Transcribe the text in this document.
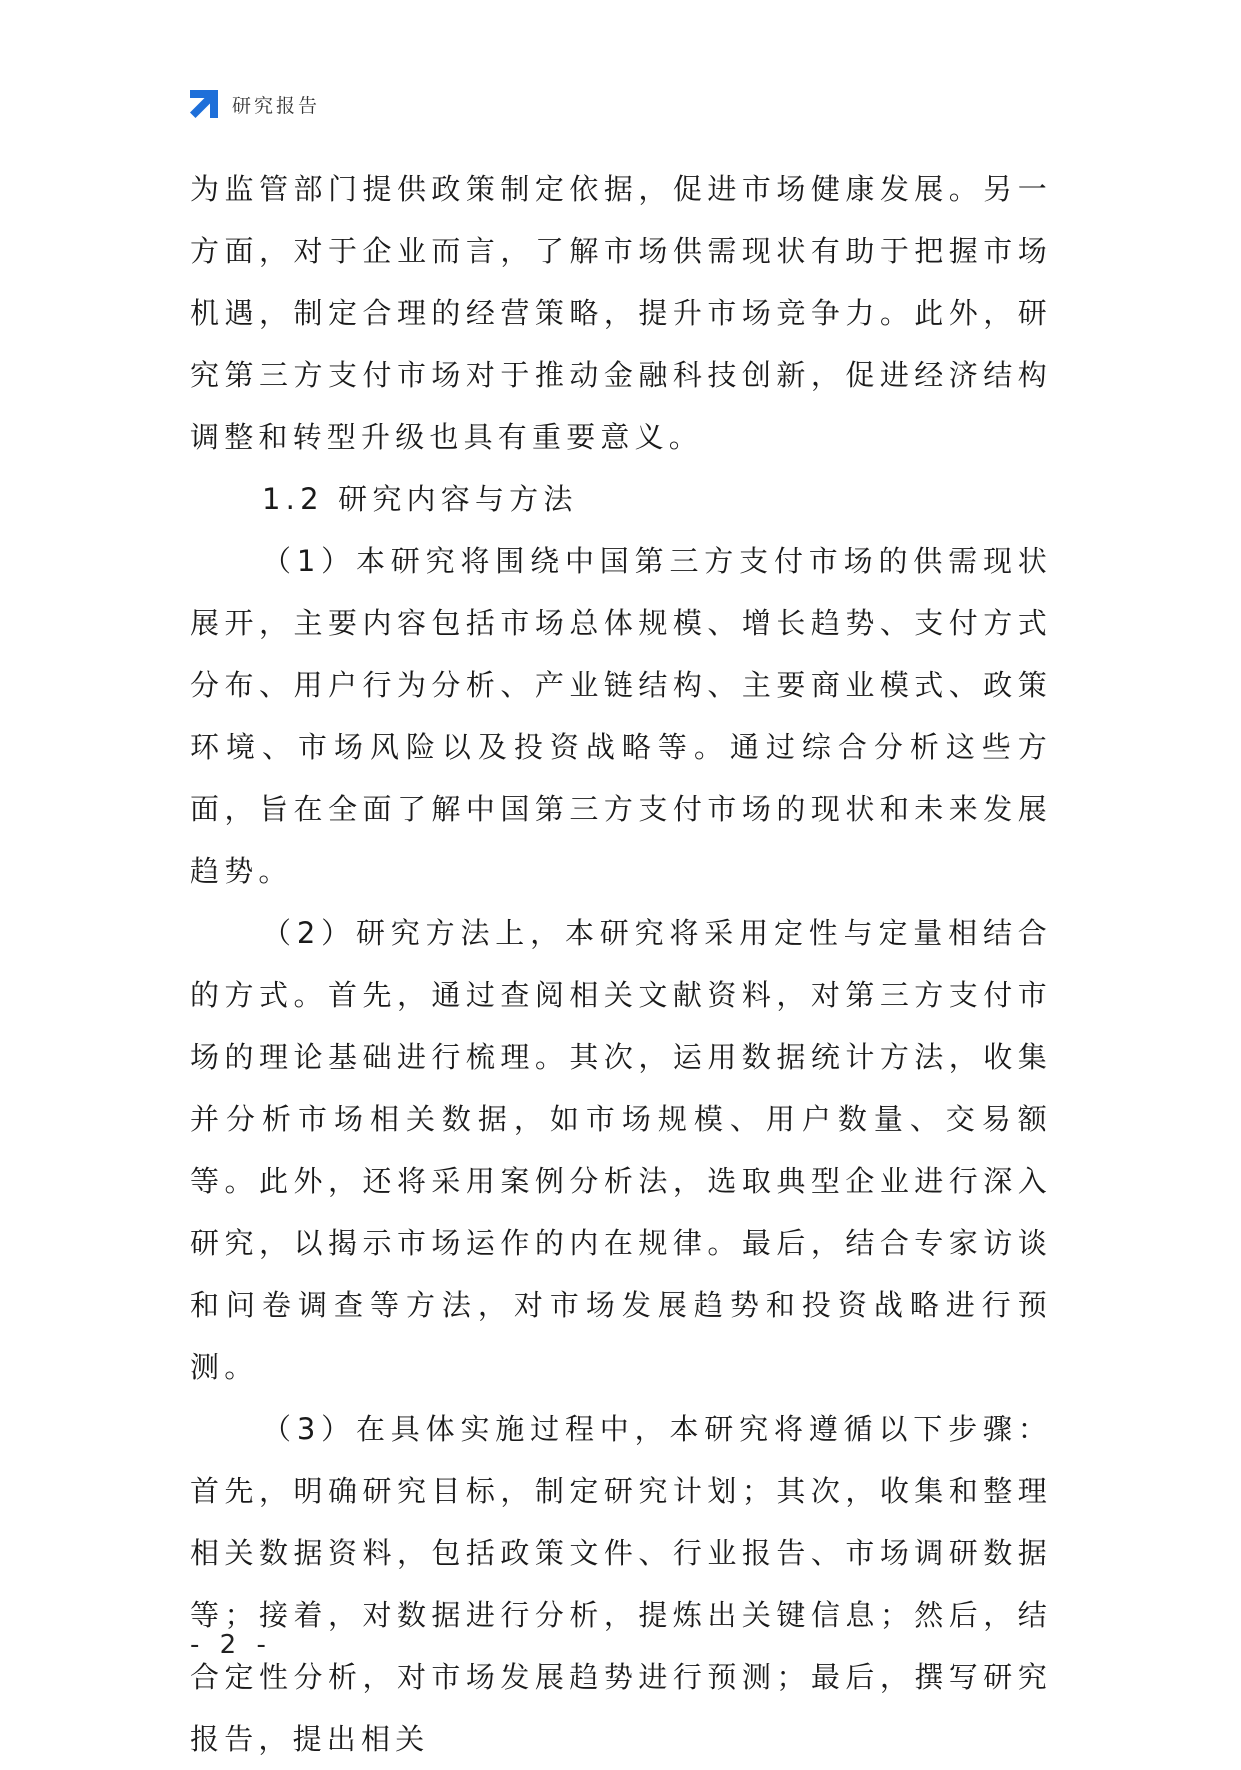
研究报告

为监管部门提供政策制定依据，促进市场健康发展。另一方面，对于企业而言，了解市场供需现状有助于把握市场机遇，制定合理的经营策略，提升市场竞争力。此外，研究第三方支付市场对于推动金融科技创新，促进经济结构调整和转型升级也具有重要意义。

1.2 研究内容与方法

（1）本研究将围绕中国第三方支付市场的供需现状展开，主要内容包括市场总体规模、增长趋势、支付方式分布、用户行为分析、产业链结构、主要商业模式、政策环境、市场风险以及投资战略等。通过综合分析这些方面，旨在全面了解中国第三方支付市场的现状和未来发展趋势。

（2）研究方法上，本研究将采用定性与定量相结合的方式。首先，通过查阅相关文献资料，对第三方支付市场的理论基础进行梳理。其次，运用数据统计方法，收集并分析市场相关数据，如市场规模、用户数量、交易额等。此外，还将采用案例分析法，选取典型企业进行深入研究，以揭示市场运作的内在规律。最后，结合专家访谈和问卷调查等方法，对市场发展趋势和投资战略进行预测。

（3）在具体实施过程中，本研究将遵循以下步骤：首先，明确研究目标，制定研究计划；其次，收集和整理相关数据资料，包括政策文件、行业报告、市场调研数据等；接着，对数据进行分析，提炼出关键信息；然后，结合定性分析，对市场发展趋势进行预测；最后，撰写研究报告，提出相关

- 2 -
